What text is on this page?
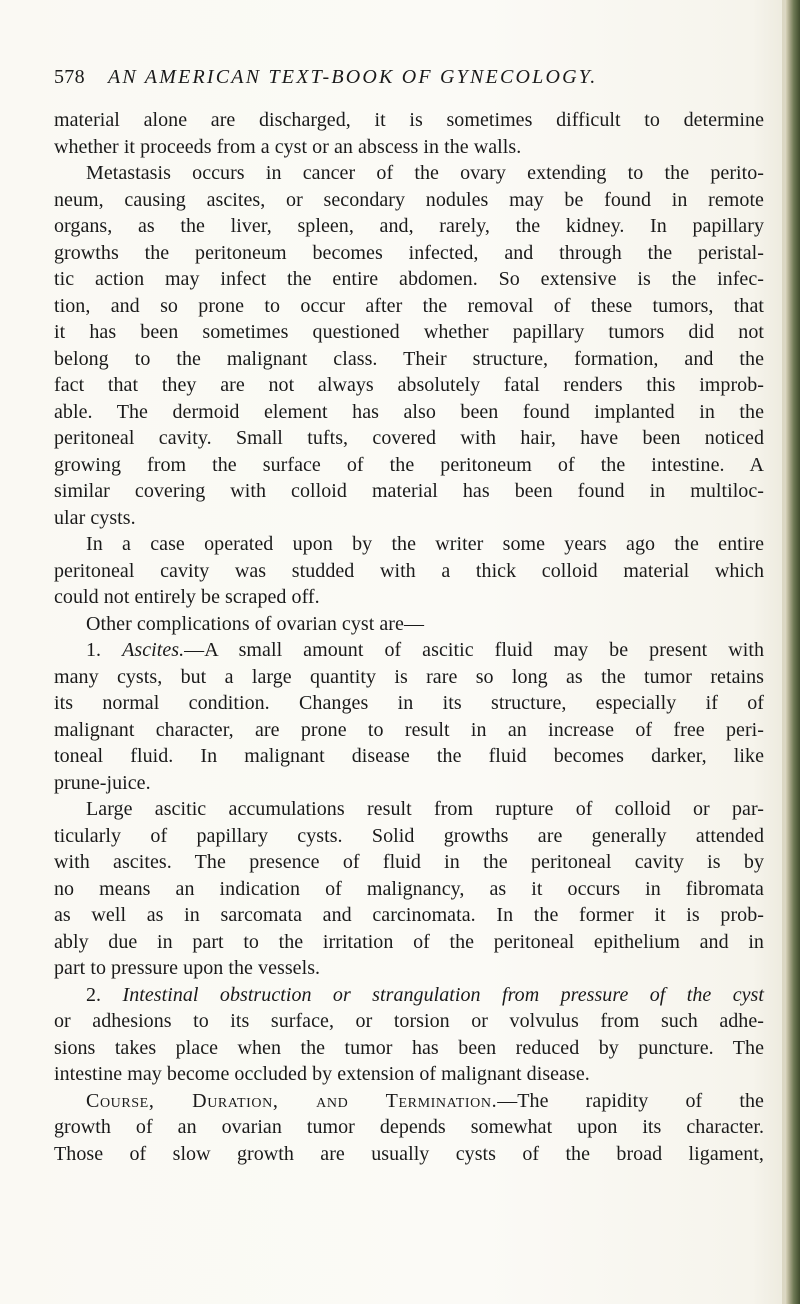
578 AN AMERICAN TEXT-BOOK OF GYNECOLOGY.
material alone are discharged, it is sometimes difficult to determine
whether it proceeds from a cyst or an abscess in the walls.
Metastasis occurs in cancer of the ovary extending to the perito-
neum, causing ascites, or secondary nodules may be found in remote
organs, as the liver, spleen, and, rarely, the kidney. In papillary
growths the peritoneum becomes infected, and through the peristal-
tic action may infect the entire abdomen. So extensive is the infec-
tion, and so prone to occur after the removal of these tumors, that
it has been sometimes questioned whether papillary tumors did not
belong to the malignant class. Their structure, formation, and the
fact that they are not always absolutely fatal renders this improb-
able. The dermoid element has also been found implanted in the
peritoneal cavity. Small tufts, covered with hair, have been noticed
growing from the surface of the peritoneum of the intestine. A
similar covering with colloid material has been found in multiloc-
ular cysts.
In a case operated upon by the writer some years ago the entire
peritoneal cavity was studded with a thick colloid material which
could not entirely be scraped off.
Other complications of ovarian cyst are—
1. Ascites.—A small amount of ascitic fluid may be present with
many cysts, but a large quantity is rare so long as the tumor retains
its normal condition. Changes in its structure, especially if of
malignant character, are prone to result in an increase of free peri-
toneal fluid. In malignant disease the fluid becomes darker, like
prune-juice.
Large ascitic accumulations result from rupture of colloid or par-
ticularly of papillary cysts. Solid growths are generally attended
with ascites. The presence of fluid in the peritoneal cavity is by
no means an indication of malignancy, as it occurs in fibromata
as well as in sarcomata and carcinomata. In the former it is prob-
ably due in part to the irritation of the peritoneal epithelium and in
part to pressure upon the vessels.
2. Intestinal obstruction or strangulation from pressure of the cyst
or adhesions to its surface, or torsion or volvulus from such adhe-
sions takes place when the tumor has been reduced by puncture. The
intestine may become occluded by extension of malignant disease.
Course, Duration, and Termination.—The rapidity of the
growth of an ovarian tumor depends somewhat upon its character.
Those of slow growth are usually cysts of the broad ligament,
